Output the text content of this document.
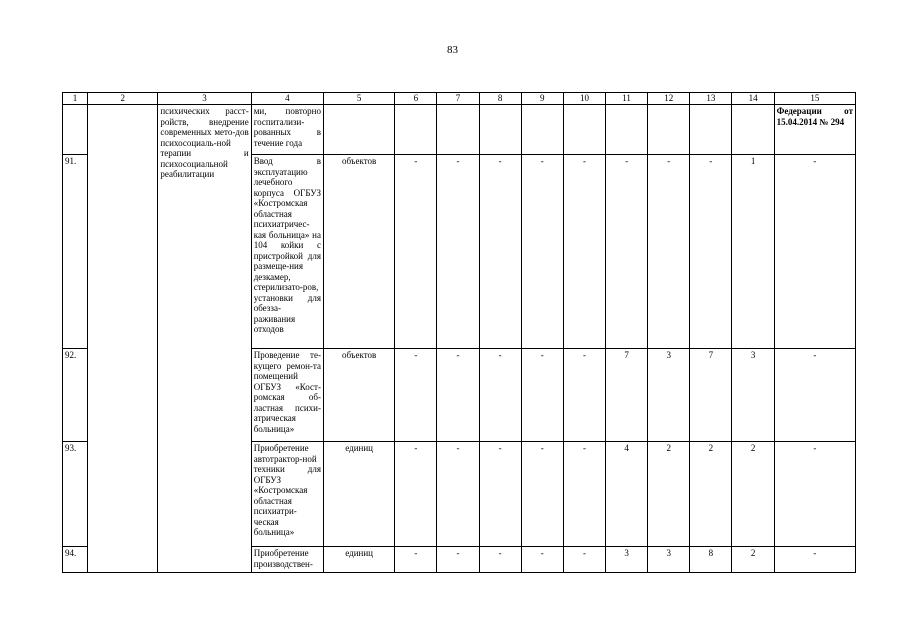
83
1	2	3	4	5	6	7	8	9	10	11	12	13	14	15
		психических расст-ройств, внедрение современных мето-дов психосоциаль-ной терапии и психосоциальной реабилитации	ми, повторно госпитализи-рованных в течение года											Федерации от 15.04.2014 № 294
91.			Ввод в эксплуатацию лечебного корпуса ОГБУЗ «Костромская областная психиатричес-кая больница» на 104 койки с пристройкой для размеще-ния дезкамер, стерилизато-ров, установки для обезза-раживания отходов	объектов	-	-	-	-	-	-	-	-	1	-
92.			Проведение те-кущего ремон-та помещений ОГБУЗ «Кост-ромская об-ластная психи-атрическая больница»	объектов	-	-	-	-	-	7	3	7	3	-
93.			Приобретение автотрактор-ной техники для ОГБУЗ «Костромская областная психиатри-ческая больница»	единиц	-	-	-	-	-	4	2	2	2	-
94.			Приобретение производствен-	единиц	-	-	-	-	-	3	3	8	2	-
